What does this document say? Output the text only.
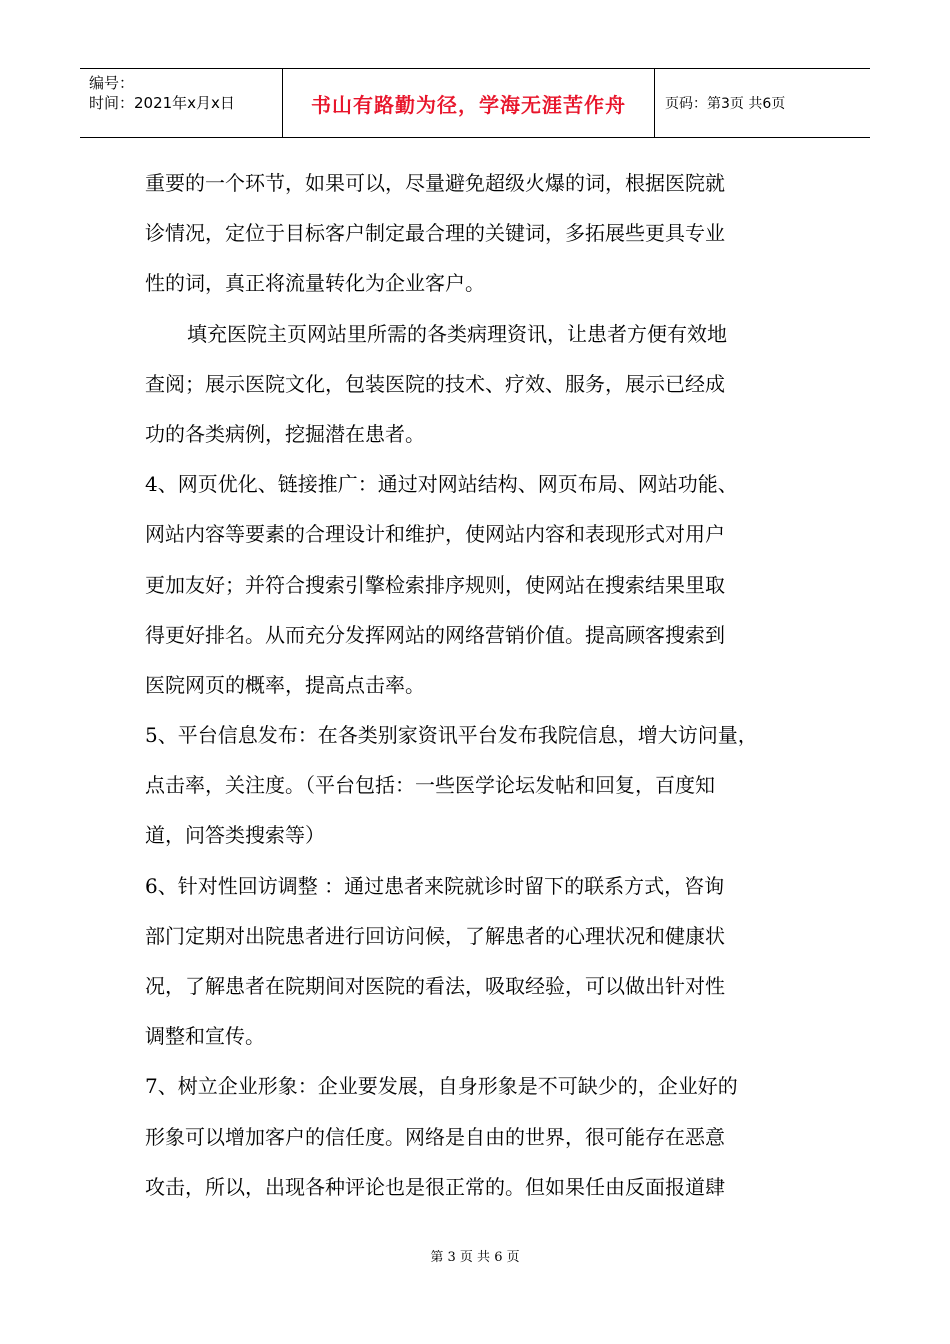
编号：
时间：2021年x月x日	书山有路勤为径，学海无涯苦作舟	页码：第3页 共6页
重要的一个环节，如果可以，尽量避免超级火爆的词，根据医院就
诊情况，定位于目标客户制定最合理的关键词，多拓展些更具专业
性的词，真正将流量转化为企业客户。
填充医院主页网站里所需的各类病理资讯，让患者方便有效地
查阅；展示医院文化，包装医院的技术、疗效、服务，展示已经成
功的各类病例，挖掘潜在患者。
4、网页优化、链接推广：通过对网站结构、网页布局、网站功能、
网站内容等要素的合理设计和维护，使网站内容和表现形式对用户
更加友好；并符合搜索引擎检索排序规则，使网站在搜索结果里取
得更好排名。从而充分发挥网站的网络营销价值。提高顾客搜索到
医院网页的概率，提高点击率。
5、平台信息发布：在各类别家资讯平台发布我院信息，增大访问量，
点击率，关注度。（平台包括：一些医学论坛发帖和回复，百度知
道，问答类搜索等）
6、针对性回访调整 ：通过患者来院就诊时留下的联系方式，咨询
部门定期对出院患者进行回访问候，了解患者的心理状况和健康状
况，了解患者在院期间对医院的看法，吸取经验，可以做出针对性
调整和宣传。
7、树立企业形象：企业要发展，自身形象是不可缺少的，企业好的
形象可以增加客户的信任度。网络是自由的世界，很可能存在恶意
攻击，所以，出现各种评论也是很正常的。但如果任由反面报道肆
第 3 页 共 6 页
